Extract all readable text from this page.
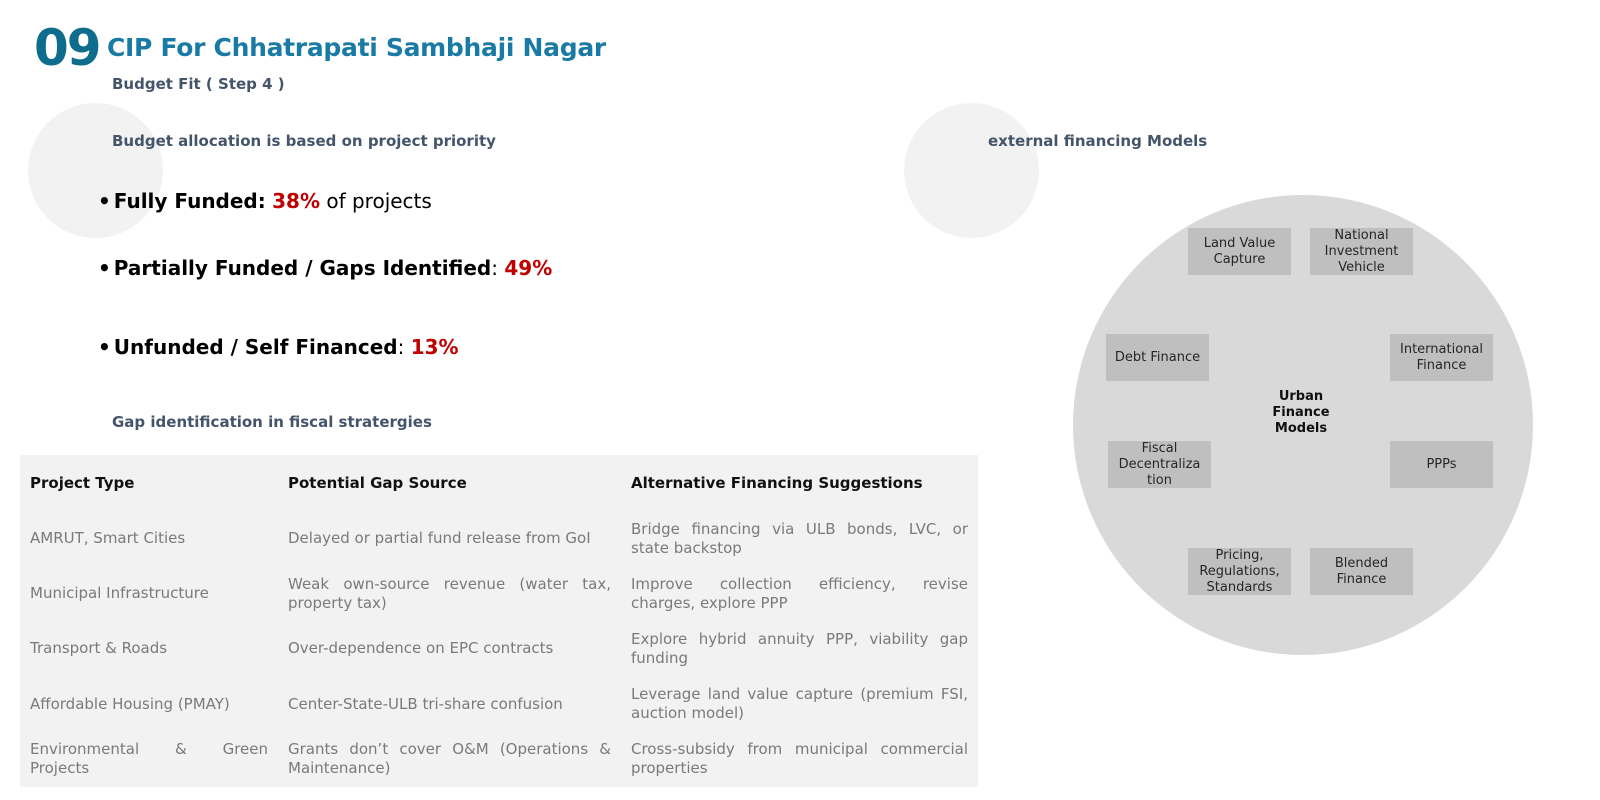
09 CIP For Chhatrapati Sambhaji Nagar
Budget Fit ( Step 4 )
Budget allocation is based on project priority
• Fully Funded: 38% of projects
• Partially Funded / Gaps Identified: 49%
• Unfunded / Self Financed: 13%
Gap identification in fiscal stratergies
Project Type	Potential Gap Source	Alternative Financing Suggestions
AMRUT, Smart Cities	Delayed or partial fund release from GoI	Bridge financing via ULB bonds, LVC, or state backstop
Municipal Infrastructure	Weak own-source revenue (water tax, property tax)	Improve collection efficiency, revise charges, explore PPP
Transport & Roads	Over-dependence on EPC contracts	Explore hybrid annuity PPP, viability gap funding
Affordable Housing (PMAY)	Center-State-ULB tri-share confusion	Leverage land value capture (premium FSI, auction model)
Environmental & Green Projects	Grants don’t cover O&M (Operations & Maintenance)	Cross-subsidy from municipal commercial properties
external financing Models
Urban Finance Models
Land Value Capture
National Investment Vehicle
Debt Finance
International Finance
Fiscal Decentraliza tion
PPPs
Pricing, Regulations, Standards
Blended Finance
